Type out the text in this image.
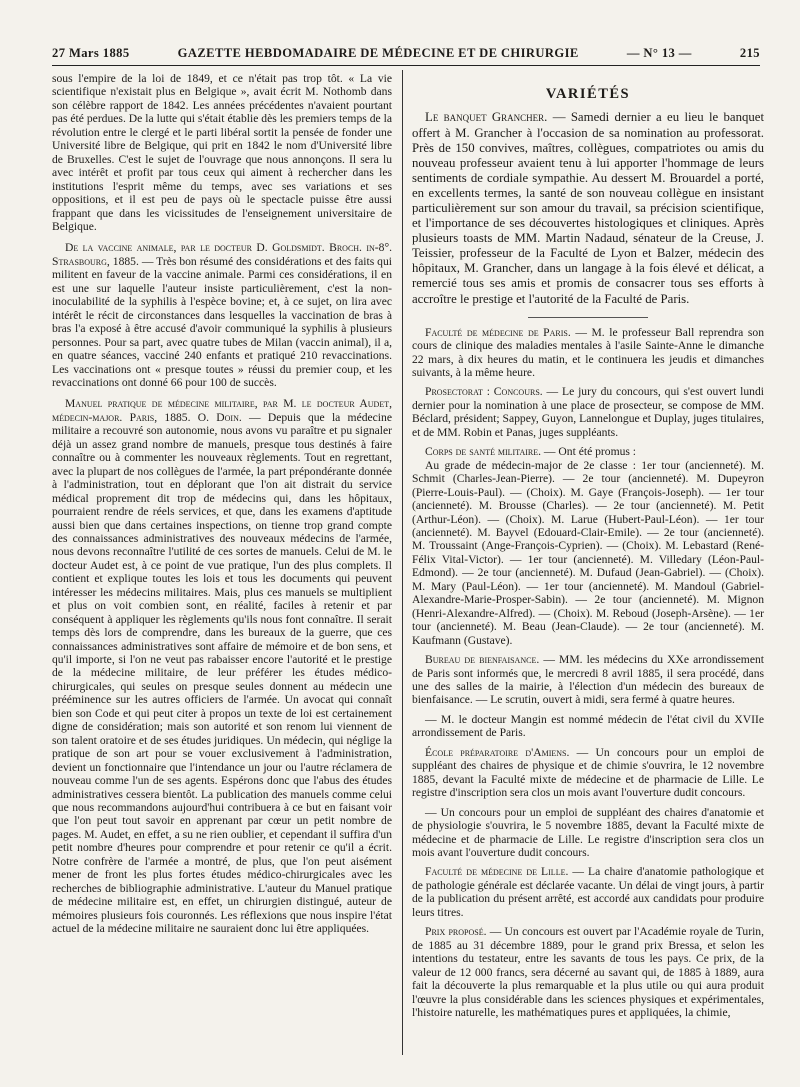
27 Mars 1885	GAZETTE HEBDOMADAIRE DE MÉDECINE ET DE CHIRURGIE	— N° 13 —	215

sous l'empire de la loi de 1849, et ce n'était pas trop tôt. « La vie scientifique n'existait plus en Belgique », avait écrit M. Nothomb dans son célèbre rapport de 1842. Les années précédentes n'avaient pourtant pas été perdues. De la lutte qui s'était établie dès les premiers temps de la révolution entre le clergé et le parti libéral sortit la pensée de fonder une Université libre de Belgique, qui prit en 1842 le nom d'Université libre de Bruxelles. C'est le sujet de l'ouvrage que nous annonçons. Il sera lu avec intérêt et profit par tous ceux qui aiment à rechercher dans les institutions l'esprit même du temps, avec ses variations et ses oppositions, et il est peu de pays où le spectacle puisse être aussi frappant que dans les vicissitudes de l'enseignement universitaire de Belgique.

De la vaccine animale, par le docteur D. Goldsmidt. Broch. in-8°. Strasbourg, 1885. — Très bon résumé des considérations et des faits qui militent en faveur de la vaccine animale. Parmi ces considérations, il en est une sur laquelle l'auteur insiste particulièrement, c'est la non-inoculabilité de la syphilis à l'espèce bovine; et, à ce sujet, on lira avec intérêt le récit de circonstances dans lesquelles la vaccination de bras à bras l'a exposé à être accusé d'avoir communiqué la syphilis à plusieurs personnes. Pour sa part, avec quatre tubes de Milan (vaccin animal), il a, en quatre séances, vacciné 240 enfants et pratiqué 210 revaccinations. Les vaccinations ont « presque toutes » réussi du premier coup, et les revaccinations ont donné 66 pour 100 de succès.

Manuel pratique de médecine militaire, par M. le docteur Audet, médecin-major. Paris, 1885. O. Doin. — Depuis que la médecine militaire a recouvré son autonomie, nous avons vu paraître et pu signaler déjà un assez grand nombre de manuels, presque tous destinés à faire connaître ou à commenter les nouveaux règlements. Tout en regrettant, avec la plupart de nos collègues de l'armée, la part prépondérante donnée à l'administration, tout en déplorant que l'on ait distrait du service médical proprement dit trop de médecins qui, dans les hôpitaux, pourraient rendre de réels services, et que, dans les examens d'aptitude aussi bien que dans certaines inspections, on tienne trop grand compte des connaissances administratives des nouveaux médecins de l'armée, nous devons reconnaître l'utilité de ces sortes de manuels. Celui de M. le docteur Audet est, à ce point de vue pratique, l'un des plus complets. Il contient et explique toutes les lois et tous les documents qui peuvent intéresser les médecins militaires. Mais, plus ces manuels se multiplient et plus on voit combien sont, en réalité, faciles à retenir et par conséquent à appliquer les règlements qu'ils nous font connaître. Il serait temps dès lors de comprendre, dans les bureaux de la guerre, que ces connaissances administratives sont affaire de mémoire et de bon sens, et qu'il importe, si l'on ne veut pas rabaisser encore l'autorité et le prestige de la médecine militaire, de leur préférer les études médico-chirurgicales, qui seules on presque seules donnent au médecin une prééminence sur les autres officiers de l'armée. Un avocat qui connaît bien son Code et qui peut citer à propos un texte de loi est certainement digne de considération; mais son autorité et son renom lui viennent de son talent oratoire et de ses études juridiques. Un médecin, qui néglige la pratique de son art pour se vouer exclusivement à l'administration, devient un fonctionnaire que l'intendance un jour ou l'autre réclamera de nouveau comme l'un de ses agents. Espérons donc que l'abus des études administratives cessera bientôt. La publication des manuels comme celui que nous recommandons aujourd'hui contribuera à ce but en faisant voir que l'on peut tout savoir en apprenant par cœur un petit nombre de pages. M. Audet, en effet, a su ne rien oublier, et cependant il suffira d'un petit nombre d'heures pour comprendre et pour retenir ce qu'il a écrit. Notre confrère de l'armée a montré, de plus, que l'on peut aisément mener de front les plus fortes études médico-chirurgicales avec les recherches de bibliographie administrative. L'auteur du Manuel pratique de médecine militaire est, en effet, un chirurgien distingué, auteur de mémoires plusieurs fois couronnés. Les réflexions que nous inspire l'état actuel de la médecine militaire ne sauraient donc lui être appliquées.

VARIÉTÉS

Le banquet Grancher. — Samedi dernier a eu lieu le banquet offert à M. Grancher à l'occasion de sa nomination au professorat. Près de 150 convives, maîtres, collègues, compatriotes ou amis du nouveau professeur avaient tenu à lui apporter l'hommage de leurs sentiments de cordiale sympathie. Au dessert M. Brouardel a porté, en excellents termes, la santé de son nouveau collègue en insistant particulièrement sur son amour du travail, sa précision scientifique, et l'importance de ses découvertes histologiques et cliniques. Après plusieurs toasts de MM. Martin Nadaud, sénateur de la Creuse, J. Teissier, professeur de la Faculté de Lyon et Balzer, médecin des hôpitaux, M. Grancher, dans un langage à la fois élevé et délicat, a remercié tous ses amis et promis de consacrer tous ses efforts à accroître le prestige et l'autorité de la Faculté de Paris.

Faculté de médecine de Paris. — M. le professeur Ball reprendra son cours de clinique des maladies mentales à l'asile Sainte-Anne le dimanche 22 mars, à dix heures du matin, et le continuera les jeudis et dimanches suivants, à la même heure.

Prosectorat : Concours. — Le jury du concours, qui s'est ouvert lundi dernier pour la nomination à une place de prosecteur, se compose de MM. Béclard, président; Sappey, Guyon, Lannelongue et Duplay, juges titulaires, et de MM. Robin et Panas, juges suppléants.

Corps de santé militaire. — Ont été promus :

Au grade de médecin-major de 2e classe : 1er tour (ancienneté). M. Schmit (Charles-Jean-Pierre). — 2e tour (ancienneté). M. Dupeyron (Pierre-Louis-Paul). — (Choix). M. Gaye (François-Joseph). — 1er tour (ancienneté). M. Brousse (Charles). — 2e tour (ancienneté). M. Petit (Arthur-Léon). — (Choix). M. Larue (Hubert-Paul-Léon). — 1er tour (ancienneté). M. Bayvel (Edouard-Clair-Emile). — 2e tour (ancienneté). M. Troussaint (Ange-François-Cyprien). — (Choix). M. Lebastard (René-Félix Vital-Victor). — 1er tour (ancienneté). M. Villedary (Léon-Paul-Edmond). — 2e tour (ancienneté). M. Dufaud (Jean-Gabriel). — (Choix). M. Mary (Paul-Léon). — 1er tour (ancienneté). M. Mandoul (Gabriel-Alexandre-Marie-Prosper-Sabin). — 2e tour (ancienneté). M. Mignon (Henri-Alexandre-Alfred). — (Choix). M. Reboud (Joseph-Arsène). — 1er tour (ancienneté). M. Beau (Jean-Claude). — 2e tour (ancienneté). M. Kaufmann (Gustave).

Bureau de bienfaisance. — MM. les médecins du XXe arrondissement de Paris sont informés que, le mercredi 8 avril 1885, il sera procédé, dans une des salles de la mairie, à l'élection d'un médecin des bureaux de bienfaisance. — Le scrutin, ouvert à midi, sera fermé à quatre heures.

— M. le docteur Mangin est nommé médecin de l'état civil du XVIIe arrondissement de Paris.

École préparatoire d'Amiens. — Un concours pour un emploi de suppléant des chaires de physique et de chimie s'ouvrira, le 12 novembre 1885, devant la Faculté mixte de médecine et de pharmacie de Lille. Le registre d'inscription sera clos un mois avant l'ouverture dudit concours.

— Un concours pour un emploi de suppléant des chaires d'anatomie et de physiologie s'ouvrira, le 5 novembre 1885, devant la Faculté mixte de médecine et de pharmacie de Lille. Le registre d'inscription sera clos un mois avant l'ouverture dudit concours.

Faculté de médecine de Lille. — La chaire d'anatomie pathologique et de pathologie générale est déclarée vacante. Un délai de vingt jours, à partir de la publication du présent arrêté, est accordé aux candidats pour produire leurs titres.

Prix proposé. — Un concours est ouvert par l'Académie royale de Turin, de 1885 au 31 décembre 1889, pour le grand prix Bressa, et selon les intentions du testateur, entre les savants de tous les pays. Ce prix, de la valeur de 12 000 francs, sera décerné au savant qui, de 1885 à 1889, aura fait la découverte la plus remarquable et la plus utile ou qui aura produit l'œuvre la plus considérable dans les sciences physiques et expérimentales, l'histoire naturelle, les mathématiques pures et appliquées, la chimie,
